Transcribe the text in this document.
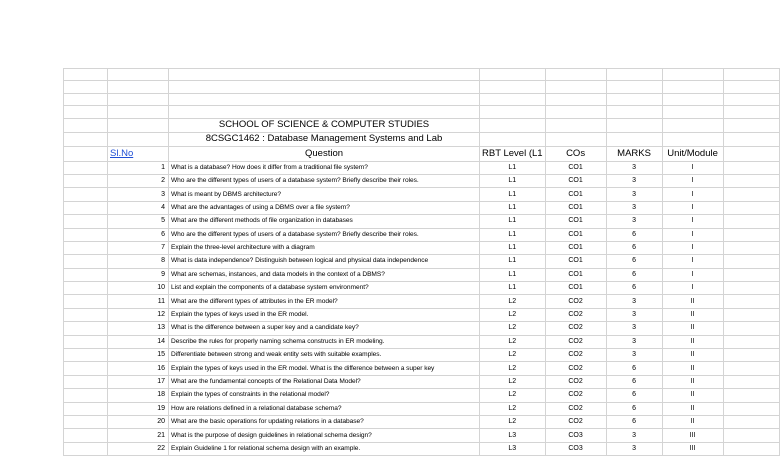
		SCHOOL OF SCIENCE & COMPUTER STUDIES					
		8CSGC1462 : Database Management Systems and Lab					
	Sl.No	Question	RBT Level (L1	COs	MARKS	Unit/Module	
	1	What is a database? How does it differ from a traditional file system?	L1	CO1	3	I	
	2	Who are the different types of users of a database system? Briefly describe their roles.	L1	CO1	3	I	
	3	What is meant by DBMS architecture?	L1	CO1	3	I	
	4	What are the advantages of using a DBMS over a file system?	L1	CO1	3	I	
	5	What are the different methods of file organization in databases	L1	CO1	3	I	
	6	Who are the different types of users of a database system? Briefly describe their roles.	L1	CO1	6	I	
	7	Explain the three-level architecture with a diagram	L1	CO1	6	I	
	8	What is data independence? Distinguish between logical and physical data independence	L1	CO1	6	I	
	9	What are schemas, instances, and data models in the context of a DBMS?	L1	CO1	6	I	
	10	List and explain the components of a database system environment?	L1	CO1	6	I	
	11	What are the different types of attributes in the ER model?	L2	CO2	3	II	
	12	Explain the types of keys used in the ER model.	L2	CO2	3	II	
	13	What is the difference between a super key and a candidate key?	L2	CO2	3	II	
	14	Describe the rules for properly naming schema constructs in ER modeling.	L2	CO2	3	II	
	15	Differentiate between strong and weak entity sets with suitable examples.	L2	CO2	3	II	
	16	Explain the types of keys used in the ER model. What is the difference between a super key	L2	CO2	6	II	
	17	What are the fundamental concepts of the Relational Data Model?	L2	CO2	6	II	
	18	Explain the types of constraints in the relational model?	L2	CO2	6	II	
	19	How are relations defined in a relational database schema?	L2	CO2	6	II	
	20	What are the basic operations for updating relations in a database?	L2	CO2	6	II	
	21	What is the purpose of design guidelines in relational schema design?	L3	CO3	3	III	
	22	Explain Guideline 1 for relational schema design with an example.	L3	CO3	3	III	
